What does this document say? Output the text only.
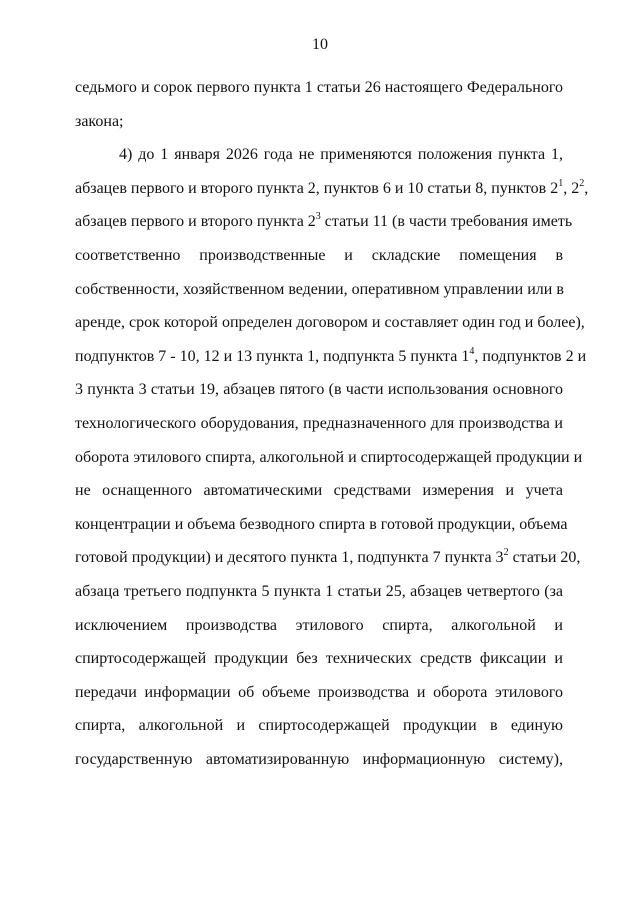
10
седьмого и сорок первого пункта 1 статьи 26 настоящего Федерального
закона;
4) до 1 января 2026 года не применяются положения пункта 1,
абзацев первого и второго пункта 2, пунктов 6 и 10 статьи 8, пунктов $2^1$, $2^2$,
абзацев первого и второго пункта $2^3$ статьи 11 (в части требования иметь
соответственно производственные и складские помещения в
собственности, хозяйственном ведении, оперативном управлении или в
аренде, срок которой определен договором и составляет один год и более),
подпунктов 7 - 10, 12 и 13 пункта 1, подпункта 5 пункта $1^4$, подпунктов 2 и
3 пункта 3 статьи 19, абзацев пятого (в части использования основного
технологического оборудования, предназначенного для производства и
оборота этилового спирта, алкогольной и спиртосодержащей продукции и
не оснащенного автоматическими средствами измерения и учета
концентрации и объема безводного спирта в готовой продукции, объема
готовой продукции) и десятого пункта 1, подпункта 7 пункта $3^2$ статьи 20,
абзаца третьего подпункта 5 пункта 1 статьи 25, абзацев четвертого (за
исключением производства этилового спирта, алкогольной и
спиртосодержащей продукции без технических средств фиксации и
передачи информации об объеме производства и оборота этилового
спирта, алкогольной и спиртосодержащей продукции в единую
государственную автоматизированную информационную систему),
